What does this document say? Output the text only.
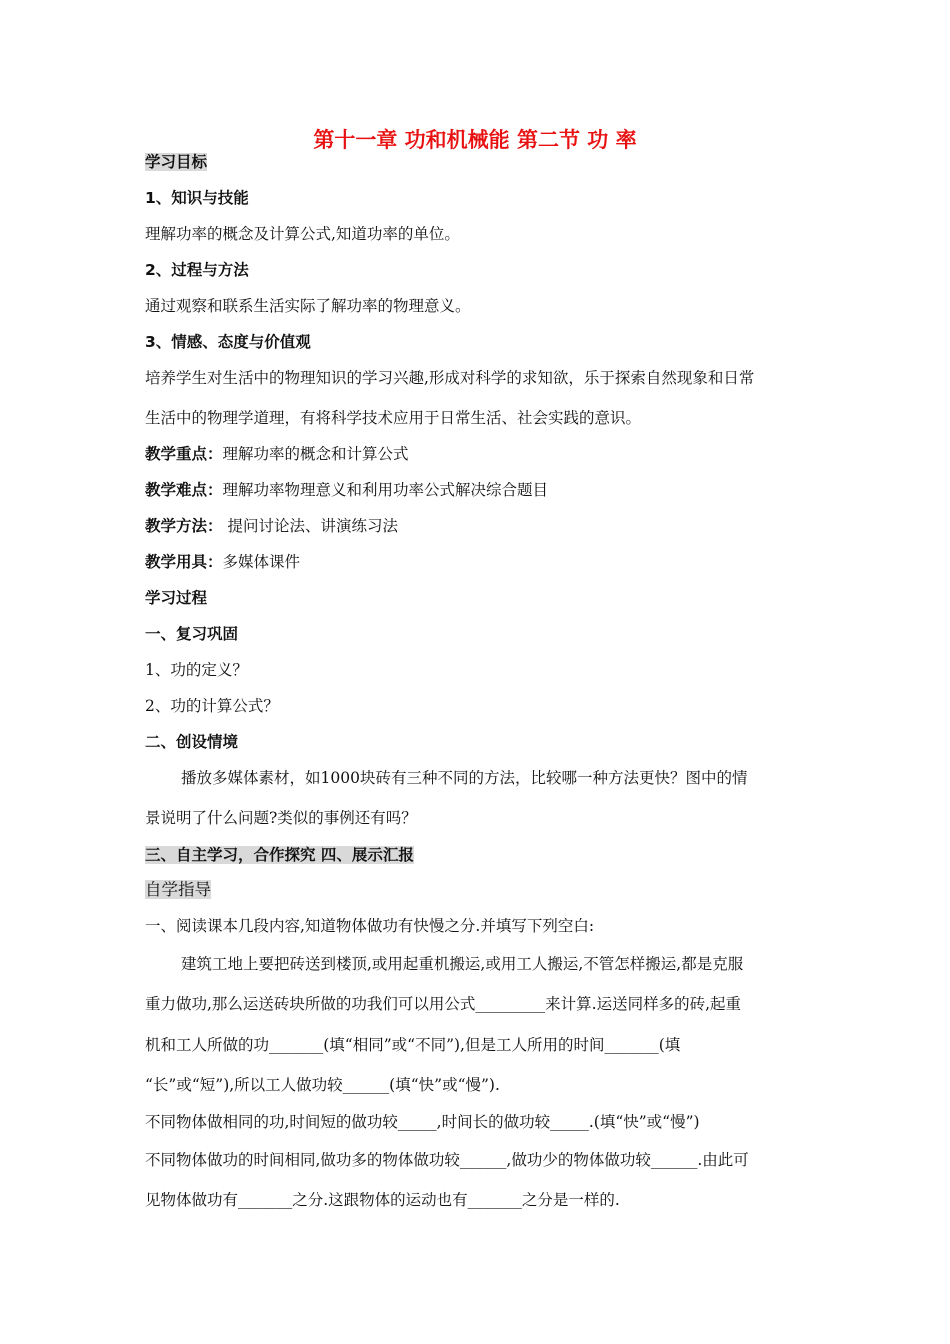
第十一章 功和机械能 第二节 功 率
学习目标
1、知识与技能
理解功率的概念及计算公式,知道功率的单位。
2、过程与方法
通过观察和联系生活实际了解功率的物理意义。
3、情感、态度与价值观
培养学生对生活中的物理知识的学习兴趣,形成对科学的求知欲，乐于探索自然现象和日常
生活中的物理学道理，有将科学技术应用于日常生活、社会实践的意识。
教学重点：理解功率的概念和计算公式
教学难点：理解功率物理意义和利用功率公式解决综合题目
教学方法： 提问讨论法、讲演练习法
教学用具：多媒体课件
学习过程
一、复习巩固
1、功的定义？
2、功的计算公式？
二、创设情境
播放多媒体素材，如1000块砖有三种不同的方法，比较哪一种方法更快？图中的情
景说明了什么问题?类似的事例还有吗？
三、自主学习，合作探究 四、展示汇报
自学指导
一、阅读课本几段内容,知道物体做功有快慢之分.并填写下列空白:
建筑工地上要把砖送到楼顶,或用起重机搬运,或用工人搬运,不管怎样搬运,都是克服
重力做功,那么运送砖块所做的功我们可以用公式_________来计算.运送同样多的砖,起重
机和工人所做的功_______(填“相同”或“不同”),但是工人所用的时间_______(填
“长”或“短”),所以工人做功较______(填“快”或“慢”).
不同物体做相同的功,时间短的做功较_____,时间长的做功较_____.(填“快”或“慢”)
不同物体做功的时间相同,做功多的物体做功较______,做功少的物体做功较______.由此可
见物体做功有_______之分.这跟物体的运动也有_______之分是一样的.
